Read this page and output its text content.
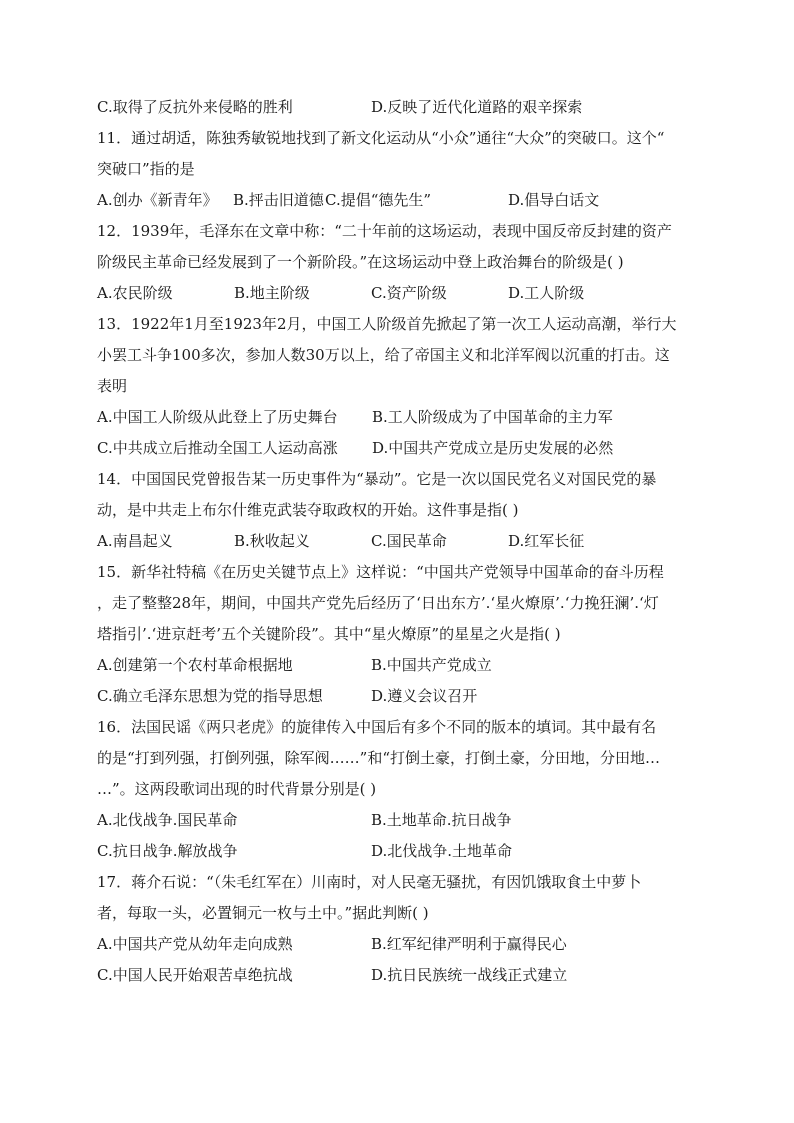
C.取得了反抗外来侵略的胜利	D.反映了近代化道路的艰辛探索
11．通过胡适，陈独秀敏锐地找到了新文化运动从“小众”通往“大众”的突破口。这个“
突破口”指的是
A.创办《新青年》	B.抨击旧道德 C.提倡“德先生”	D.倡导白话文
12．1939年，毛泽东在文章中称：“二十年前的这场运动，表现中国反帝反封建的资产
阶级民主革命已经发展到了一个新阶段。”在这场运动中登上政治舞台的阶级是( )
A.农民阶级	B.地主阶级	C.资产阶级	D.工人阶级
13．1922年1月至1923年2月，中国工人阶级首先掀起了第一次工人运动高潮，举行大
小罢工斗争100多次，参加人数30万以上，给了帝国主义和北洋军阀以沉重的打击。这
表明
A.中国工人阶级从此登上了历史舞台	B.工人阶级成为了中国革命的主力军
C.中共成立后推动全国工人运动高涨	D.中国共产党成立是历史发展的必然
14．中国国民党曾报告某一历史事件为“暴动”。它是一次以国民党名义对国民党的暴
动，是中共走上布尔什维克武装夺取政权的开始。这件事是指( )
A.南昌起义	B.秋收起义	C.国民革命	D.红军长征
15．新华社特稿《在历史关键节点上》这样说：“中国共产党领导中国革命的奋斗历程
，走了整整28年，期间，中国共产党先后经历了‘日出东方’.‘星火燎原’.‘力挽狂澜’.‘灯
塔指引’.‘进京赶考’五个关键阶段”。其中“星火燎原”的星星之火是指( )
A.创建第一个农村革命根据地	B.中国共产党成立
C.确立毛泽东思想为党的指导思想	D.遵义会议召开
16．法国民谣《两只老虎》的旋律传入中国后有多个不同的版本的填词。其中最有名
的是“打到列强，打倒列强，除军阀……”和“打倒土豪，打倒土豪，分田地，分田地…
…”。这两段歌词出现的时代背景分别是( )
A.北伐战争.国民革命	B.土地革命.抗日战争
C.抗日战争.解放战争	D.北伐战争.土地革命
17．蒋介石说：“（朱毛红军在）川南时，对人民毫无骚扰，有因饥饿取食土中萝卜
者，每取一头，必置铜元一枚与土中。”据此判断( )
A.中国共产党从幼年走向成熟	B.红军纪律严明利于赢得民心
C.中国人民开始艰苦卓绝抗战	D.抗日民族统一战线正式建立
